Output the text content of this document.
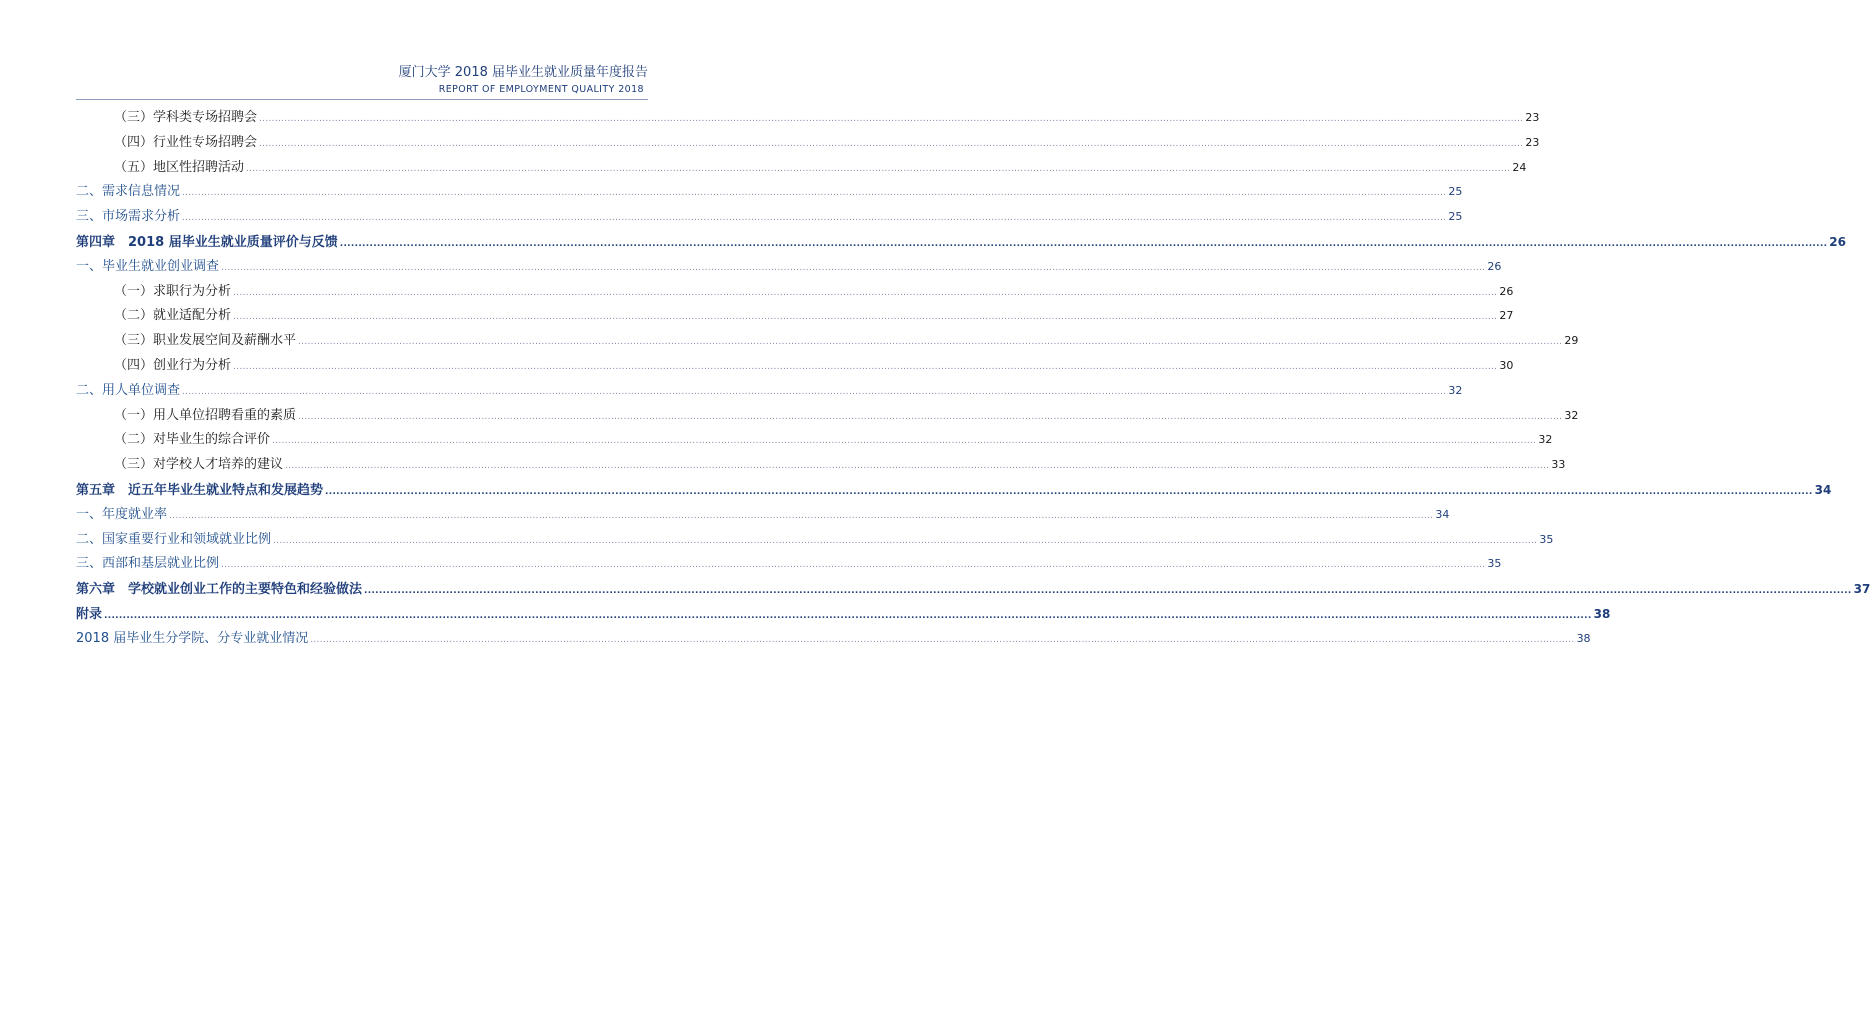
厦门大学 2018 届毕业生就业质量年度报告
REPORT OF EMPLOYMENT QUALITY 2018
（三）学科类专场招聘会 ................................................................................................................................................................................................................................................................................................................................................................................................................ 23
（四）行业性专场招聘会 ................................................................................................................................................................................................................................................................................................................................................................................................................ 23
（五）地区性招聘活动 ................................................................................................................................................................................................................................................................................................................................................................................................................ 24
二、需求信息情况 ................................................................................................................................................................................................................................................................................................................................................................................................................ 25
三、市场需求分析 ................................................................................................................................................................................................................................................................................................................................................................................................................ 25
第四章　2018 届毕业生就业质量评价与反馈 ................................................................................................................................................................................................................................................................................................................................................................................................................ 26
一、毕业生就业创业调查 ................................................................................................................................................................................................................................................................................................................................................................................................................ 26
（一）求职行为分析 ................................................................................................................................................................................................................................................................................................................................................................................................................ 26
（二）就业适配分析 ................................................................................................................................................................................................................................................................................................................................................................................................................ 27
（三）职业发展空间及薪酬水平 ................................................................................................................................................................................................................................................................................................................................................................................................................ 29
（四）创业行为分析 ................................................................................................................................................................................................................................................................................................................................................................................................................ 30
二、用人单位调查 ................................................................................................................................................................................................................................................................................................................................................................................................................ 32
（一）用人单位招聘看重的素质 ................................................................................................................................................................................................................................................................................................................................................................................................................ 32
（二）对毕业生的综合评价 ................................................................................................................................................................................................................................................................................................................................................................................................................ 32
（三）对学校人才培养的建议 ................................................................................................................................................................................................................................................................................................................................................................................................................ 33
第五章　近五年毕业生就业特点和发展趋势 ................................................................................................................................................................................................................................................................................................................................................................................................................ 34
一、年度就业率 ................................................................................................................................................................................................................................................................................................................................................................................................................ 34
二、国家重要行业和领域就业比例 ................................................................................................................................................................................................................................................................................................................................................................................................................ 35
三、西部和基层就业比例 ................................................................................................................................................................................................................................................................................................................................................................................................................ 35
第六章　学校就业创业工作的主要特色和经验做法 ................................................................................................................................................................................................................................................................................................................................................................................................................ 37
附录 ................................................................................................................................................................................................................................................................................................................................................................................................................ 38
2018 届毕业生分学院、分专业就业情况 ................................................................................................................................................................................................................................................................................................................................................................................................................ 38
